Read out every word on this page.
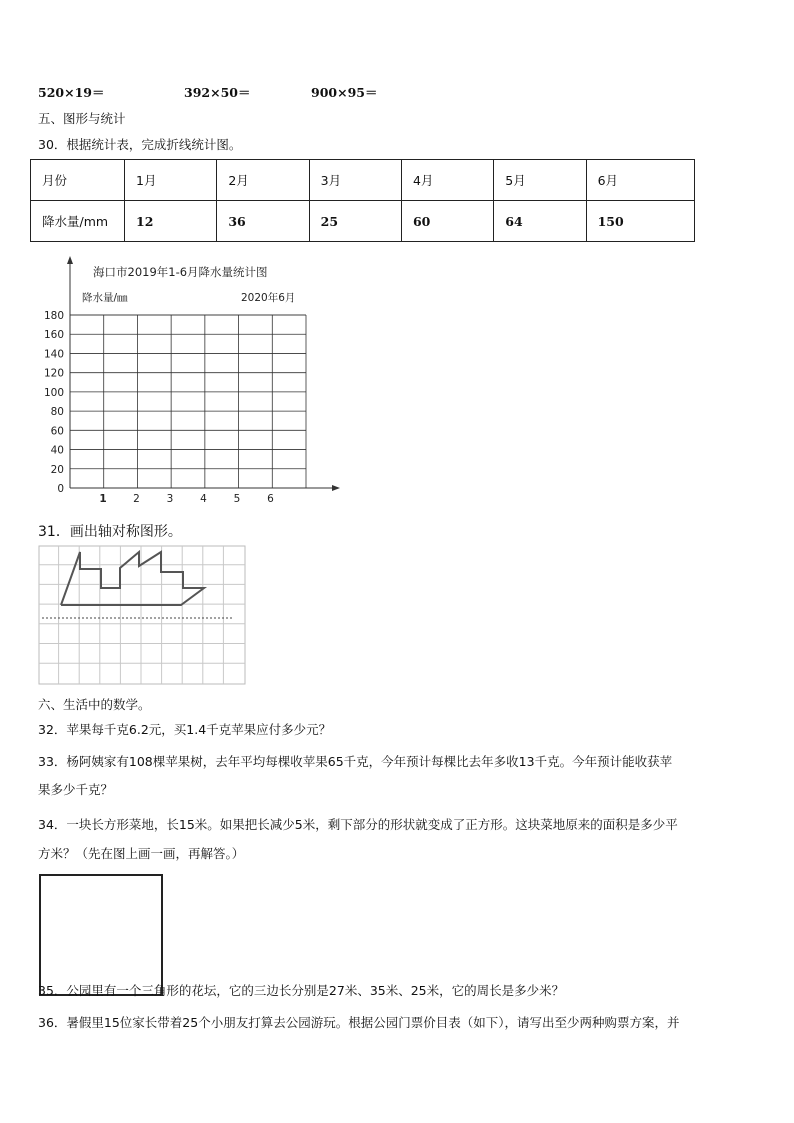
520×19＝	392×50＝	900×95＝
五、图形与统计
30．根据统计表，完成折线统计图。
月份	1月	2月	3月	4月	5月	6月
降水量/mm	12	36	25	60	64	150
海口市2019年1-6月降水量统计图
降水量/㎜	2020年6月
0
20
40
60
80
100
120
140
160
180
1	2	3	4	5	6
31．画出轴对称图形。
六、生活中的数学。
32．苹果每千克6.2元，买1.4千克苹果应付多少元？
33．杨阿姨家有108棵苹果树，去年平均每棵收苹果65千克，今年预计每棵比去年多收13千克。今年预计能收获苹
果多少千克？
34．一块长方形菜地，长15米。如果把长减少5米，剩下部分的形状就变成了正方形。这块菜地原来的面积是多少平
方米？（先在图上画一画，再解答。）
35．公园里有一个三角形的花坛，它的三边长分别是27米、35米、25米，它的周长是多少米？
36．暑假里15位家长带着25个小朋友打算去公园游玩。根据公园门票价目表（如下），请写出至少两种购票方案，并
